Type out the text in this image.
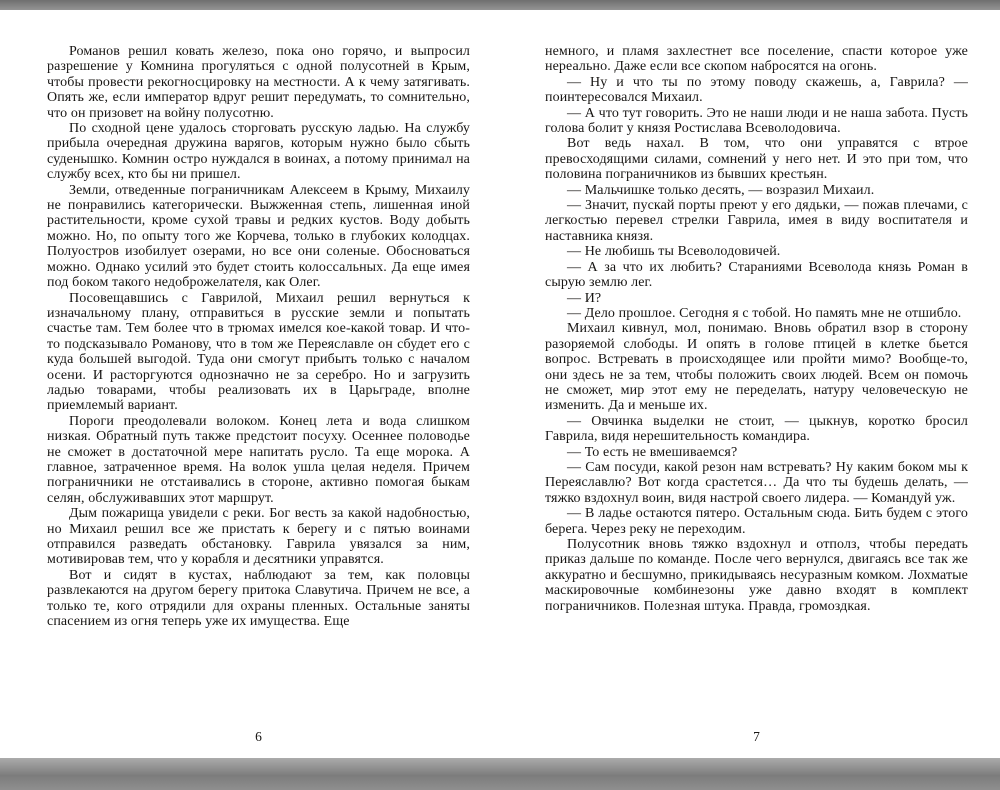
Романов решил ковать железо, пока оно горячо, и выпросил разрешение у Комнина прогуляться с одной полусотней в Крым, чтобы провести рекогносцировку на местности. А к чему затягивать. Опять же, если император вдруг решит передумать, то сомнительно, что он призовет на войну полусотню.

По сходной цене удалось сторговать русскую ладью. На службу прибыла очередная дружина варягов, которым нужно было сбыть суденышко. Комнин остро нуждался в воинах, а потому принимал на службу всех, кто бы ни пришел.

Земли, отведенные пограничникам Алексеем в Крыму, Михаилу не понравились категорически. Выжженная степь, лишенная иной растительности, кроме сухой травы и редких кустов. Воду добыть можно. Но, по опыту того же Корчева, только в глубоких колодцах. Полуостров изобилует озерами, но все они соленые. Обосноваться можно. Однако усилий это будет стоить колоссальных. Да еще имея под боком такого недоброжелателя, как Олег.

Посовещавшись с Гаврилой, Михаил решил вернуться к изначальному плану, отправиться в русские земли и попытать счастье там. Тем более что в трюмах имелся кое-какой товар. И что-то подсказывало Романову, что в том же Переяславле он сбудет его с куда большей выгодой. Туда они смогут прибыть только с началом осени. И расторгуются однозначно не за серебро. Но и загрузить ладью товарами, чтобы реализовать их в Царьграде, вполне приемлемый вариант.

Пороги преодолевали волоком. Конец лета и вода слишком низкая. Обратный путь также предстоит посуху. Осеннее половодье не сможет в достаточной мере напитать русло. Та еще морока. А главное, затраченное время. На волок ушла целая неделя. Причем пограничники не отстаивались в стороне, активно помогая быкам селян, обслуживавших этот маршрут.

Дым пожарища увидели с реки. Бог весть за какой надобностью, но Михаил решил все же пристать к берегу и с пятью воинами отправился разведать обстановку. Гаврила увязался за ним, мотивировав тем, что у корабля и десятники управятся.

Вот и сидят в кустах, наблюдают за тем, как половцы развлекаются на другом берегу притока Славутича. Причем не все, а только те, кого отрядили для охраны пленных. Остальные заняты спасением из огня теперь уже их имущества. Еще

6

немного, и пламя захлестнет все поселение, спасти которое уже нереально. Даже если все скопом набросятся на огонь.

— Ну и что ты по этому поводу скажешь, а, Гаврила? — поинтересовался Михаил.

— А что тут говорить. Это не наши люди и не наша забота. Пусть голова болит у князя Ростислава Всеволодовича.

Вот ведь нахал. В том, что они управятся с втрое превосходящими силами, сомнений у него нет. И это при том, что половина пограничников из бывших крестьян.

— Мальчишке только десять, — возразил Михаил.

— Значит, пускай порты преют у его дядьки, — пожав плечами, с легкостью перевел стрелки Гаврила, имея в виду воспитателя и наставника князя.

— Не любишь ты Всеволодовичей.

— А за что их любить? Стараниями Всеволода князь Роман в сырую землю лег.

— И?

— Дело прошлое. Сегодня я с тобой. Но память мне не отшибло.

Михаил кивнул, мол, понимаю. Вновь обратил взор в сторону разоряемой слободы. И опять в голове птицей в клетке бьется вопрос. Встревать в происходящее или пройти мимо? Вообще-то, они здесь не за тем, чтобы положить своих людей. Всем он помочь не сможет, мир этот ему не переделать, натуру человеческую не изменить. Да и меньше их.

— Овчинка выделки не стоит, — цыкнув, коротко бросил Гаврила, видя нерешительность командира.

— То есть не вмешиваемся?

— Сам посуди, какой резон нам встревать? Ну каким боком мы к Переяславлю? Вот когда срастется… Да что ты будешь делать, — тяжко вздохнул воин, видя настрой своего лидера. — Командуй уж.

— В ладье остаются пятеро. Остальным сюда. Бить будем с этого берега. Через реку не переходим.

Полусотник вновь тяжко вздохнул и отполз, чтобы передать приказ дальше по команде. После чего вернулся, двигаясь все так же аккуратно и бесшумно, прикидываясь несуразным комком. Лохматые маскировочные комбинезоны уже давно входят в комплект пограничников. Полезная штука. Правда, громоздкая.

7
